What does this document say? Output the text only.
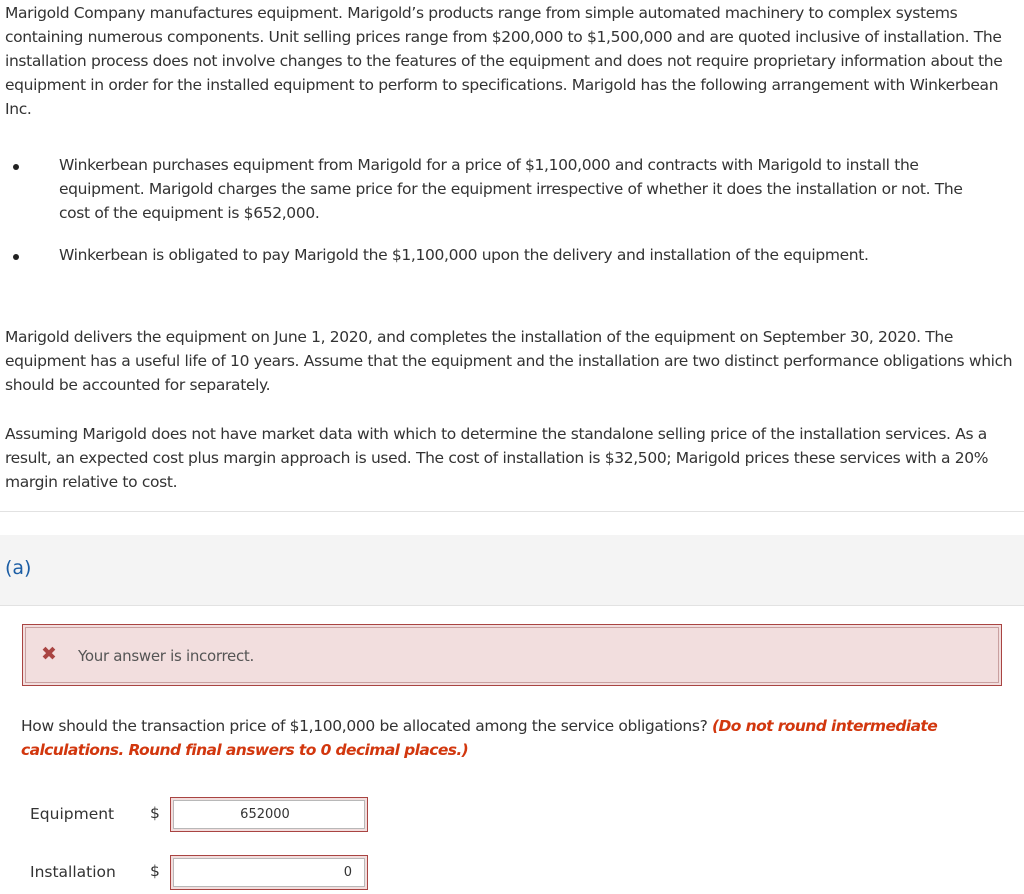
Marigold Company manufactures equipment. Marigold’s products range from simple automated machinery to complex systems containing numerous components. Unit selling prices range from $200,000 to $1,500,000 and are quoted inclusive of installation. The installation process does not involve changes to the features of the equipment and does not require proprietary information about the equipment in order for the installed equipment to perform to specifications. Marigold has the following arrangement with Winkerbean Inc.

Winkerbean purchases equipment from Marigold for a price of $1,100,000 and contracts with Marigold to install the equipment. Marigold charges the same price for the equipment irrespective of whether it does the installation or not. The cost of the equipment is $652,000.
Winkerbean is obligated to pay Marigold the $1,100,000 upon the delivery and installation of the equipment.

Marigold delivers the equipment on June 1, 2020, and completes the installation of the equipment on September 30, 2020. The equipment has a useful life of 10 years. Assume that the equipment and the installation are two distinct performance obligations which should be accounted for separately.

Assuming Marigold does not have market data with which to determine the standalone selling price of the installation services. As a result, an expected cost plus margin approach is used. The cost of installation is $32,500; Marigold prices these services with a 20% margin relative to cost.

(a)
✖ Your answer is incorrect.
How should the transaction price of $1,100,000 be allocated among the service obligations? (Do not round intermediate calculations. Round final answers to 0 decimal places.)
Equipment $
652000
Installation $
0
